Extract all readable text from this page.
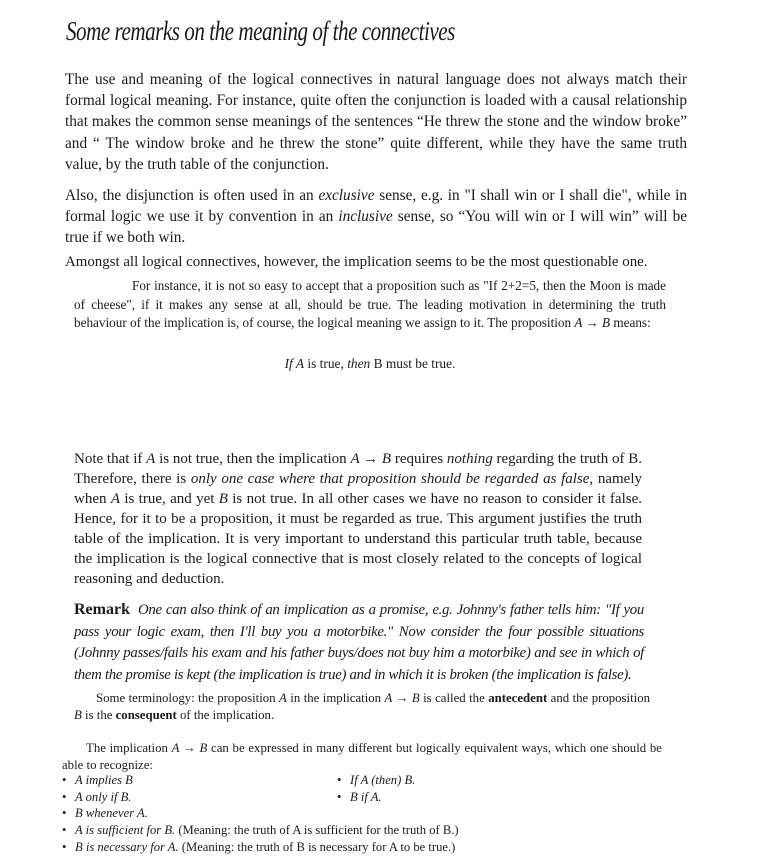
Some remarks on the meaning of the connectives

The use and meaning of the logical connectives in natural language does not always match their formal logical meaning. For instance, quite often the conjunction is loaded with a causal relationship that makes the common sense meanings of the sentences “He threw the stone and the window broke” and “ The window broke and he threw the stone” quite different, while they have the same truth value, by the truth table of the conjunction.

Also, the disjunction is often used in an exclusive sense, e.g. in "I shall win or I shall die", while in formal logic we use it by convention in an inclusive sense, so “You will win or I will win” will be true if we both win.

Amongst all logical connectives, however, the implication seems to be the most questionable one.

For instance, it is not so easy to accept that a proposition such as "If 2+2=5, then the Moon is made of cheese", if it makes any sense at all, should be true. The leading motivation in determining the truth behaviour of the implication is, of course, the logical meaning we assign to it. The proposition A → B means:

If A is true, then B must be true.

Note that if A is not true, then the implication A → B requires nothing regarding the truth of B. Therefore, there is only one case where that proposition should be regarded as false, namely when A is true, and yet B is not true. In all other cases we have no reason to consider it false. Hence, for it to be a proposition, it must be regarded as true. This argument justifies the truth table of the implication. It is very important to understand this particular truth table, because the implication is the logical connective that is most closely related to the concepts of logical reasoning and deduction.

Remark One can also think of an implication as a promise, e.g. Johnny's father tells him: "If you pass your logic exam, then I'll buy you a motorbike." Now consider the four possible situations (Johnny passes/fails his exam and his father buys/does not buy him a motorbike) and see in which of them the promise is kept (the implication is true) and in which it is broken (the implication is false).

Some terminology: the proposition A in the implication A → B is called the antecedent and the proposition B is the consequent of the implication.

The implication A → B can be expressed in many different but logically equivalent ways, which one should be able to recognize:

• A implies B
• A only if B.
• B whenever A.
• A is sufficient for B. (Meaning: the truth of A is sufficient for the truth of B.)
• B is necessary for A. (Meaning: the truth of B is necessary for A to be true.)
• If A (then) B.
• B if A.
